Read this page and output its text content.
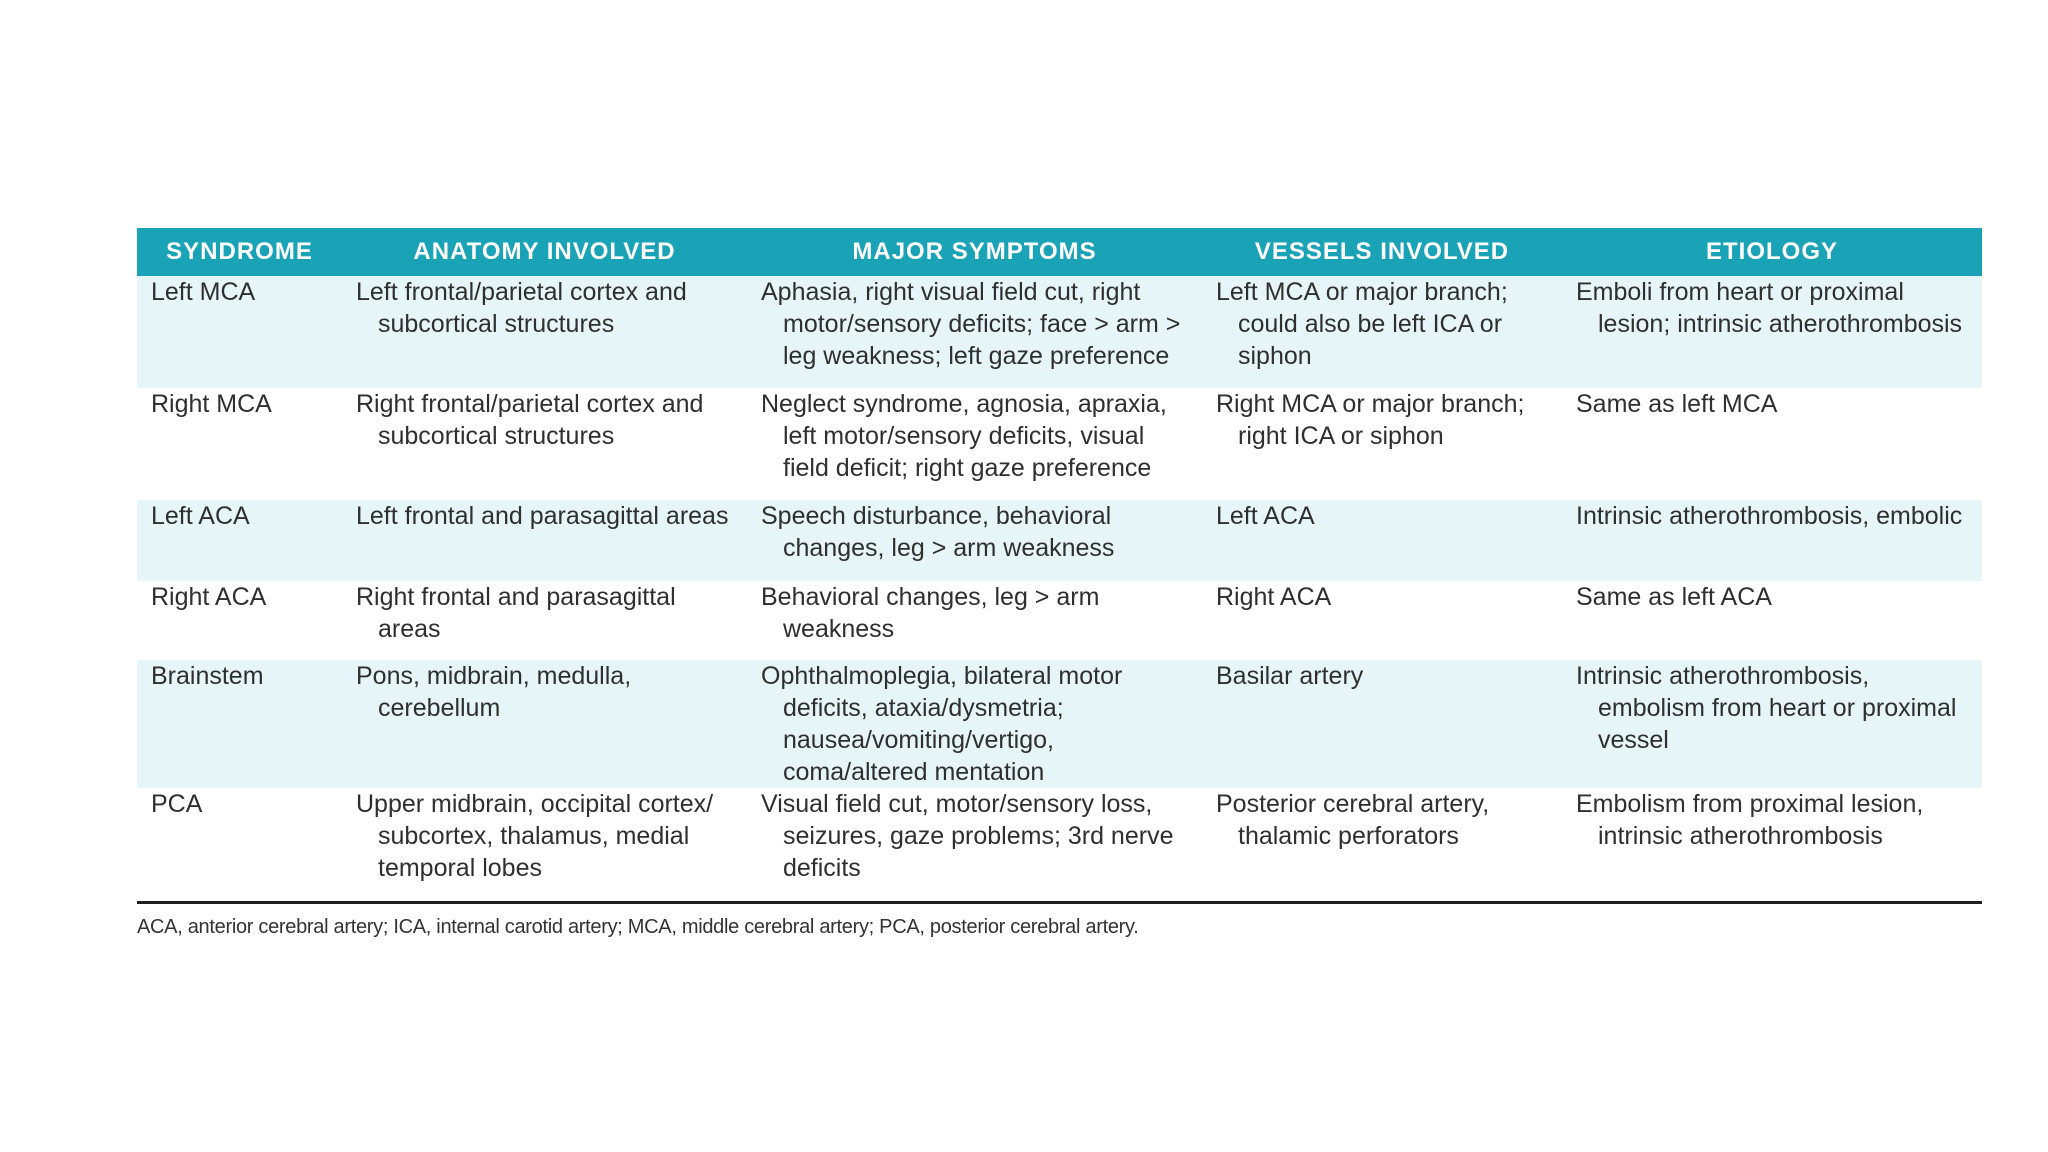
SYNDROME	ANATOMY INVOLVED	MAJOR SYMPTOMS	VESSELS INVOLVED	ETIOLOGY

Left MCA	Left frontal/parietal cortex and subcortical structures	Aphasia, right visual field cut, right motor/sensory deficits; face > arm > leg weakness; left gaze preference	Left MCA or major branch; could also be left ICA or siphon	Emboli from heart or proximal lesion; intrinsic atherothrombosis

Right MCA	Right frontal/parietal cortex and subcortical structures	Neglect syndrome, agnosia, apraxia, left motor/sensory deficits, visual field deficit; right gaze preference	Right MCA or major branch; right ICA or siphon	Same as left MCA

Left ACA	Left frontal and parasagittal areas	Speech disturbance, behavioral changes, leg > arm weakness	Left ACA	Intrinsic atherothrombosis, embolic

Right ACA	Right frontal and parasagittal areas	Behavioral changes, leg > arm weakness	Right ACA	Same as left ACA

Brainstem	Pons, midbrain, medulla, cerebellum	Ophthalmoplegia, bilateral motor deficits, ataxia/dysmetria; nausea/vomiting/vertigo, coma/altered mentation	Basilar artery	Intrinsic atherothrombosis, embolism from heart or proximal vessel

PCA	Upper midbrain, occipital cortex/ subcortex, thalamus, medial temporal lobes	Visual field cut, motor/sensory loss, seizures, gaze problems; 3rd nerve deficits	Posterior cerebral artery, thalamic perforators	Embolism from proximal lesion, intrinsic atherothrombosis
ACA, anterior cerebral artery; ICA, internal carotid artery; MCA, middle cerebral artery; PCA, posterior cerebral artery.
